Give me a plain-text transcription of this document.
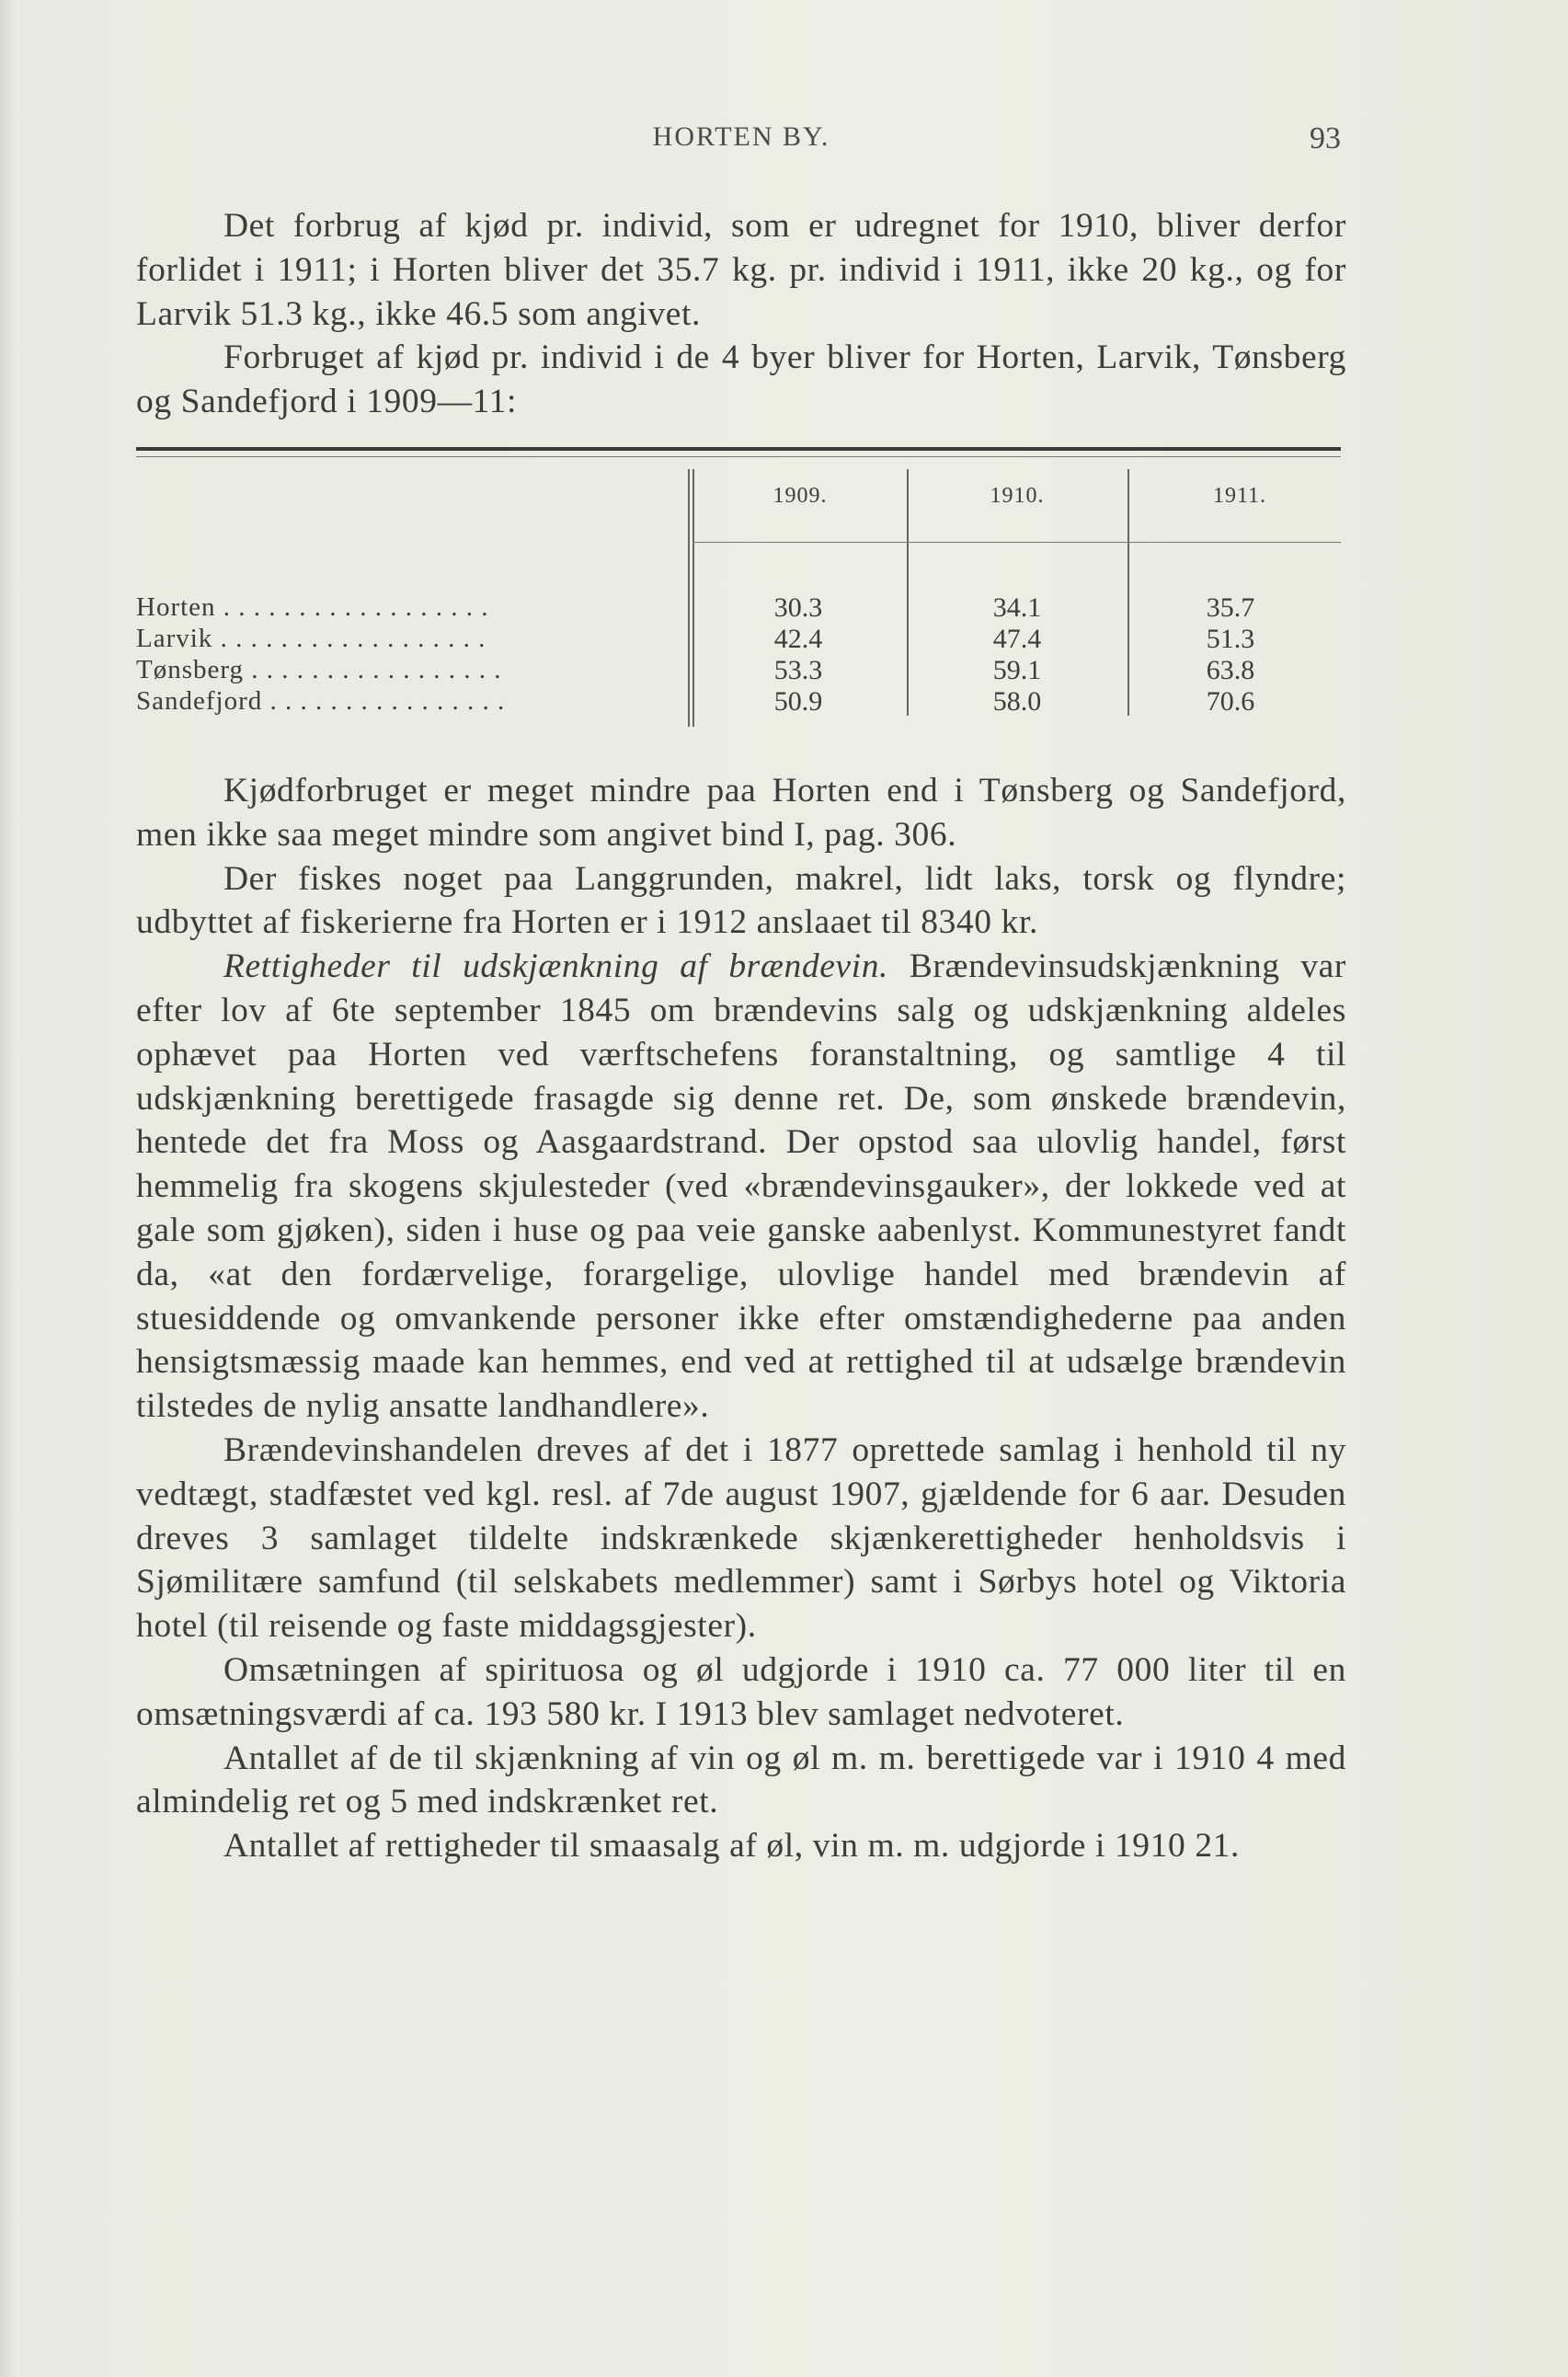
HORTEN BY.	93

Det forbrug af kjød pr. individ, som er udregnet for 1910, bliver derfor forlidet i 1911; i Horten bliver det 35.7 kg. pr. individ i 1911, ikke 20 kg., og for Larvik 51.3 kg., ikke 46.5 som angivet.

Forbruget af kjød pr. individ i de 4 byer bliver for Horten, Larvik, Tønsberg og Sandefjord i 1909—11:

1909.	1910.	1911.
Horten . . . . . . . . . . . . . . . . . .	30.3	34.1	35.7
Larvik . . . . . . . . . . . . . . . . . .	42.4	47.4	51.3
Tønsberg . . . . . . . . . . . . . . . . .	53.3	59.1	63.8
Sandefjord . . . . . . . . . . . . . . . .	50.9	58.0	70.6

Kjødforbruget er meget mindre paa Horten end i Tønsberg og Sandefjord, men ikke saa meget mindre som angivet bind I, pag. 306.

Der fiskes noget paa Langgrunden, makrel, lidt laks, torsk og flyndre; udbyttet af fiskerierne fra Horten er i 1912 anslaaet til 8340 kr.

Rettigheder til udskjænkning af brændevin. Brændevinsudskjænkning var efter lov af 6te september 1845 om brændevins salg og udskjænkning aldeles ophævet paa Horten ved værftschefens foranstaltning, og samtlige 4 til udskjænkning berettigede frasagde sig denne ret. De, som ønskede brændevin, hentede det fra Moss og Aasgaardstrand. Der opstod saa ulovlig handel, først hemmelig fra skogens skjulesteder (ved «brændevinsgauker», der lokkede ved at gale som gjøken), siden i huse og paa veie ganske aabenlyst. Kommunestyret fandt da, «at den fordærvelige, forargelige, ulovlige handel med brændevin af stuesiddende og omvankende personer ikke efter omstændighederne paa anden hensigtsmæssig maade kan hemmes, end ved at rettighed til at udsælge brændevin tilstedes de nylig ansatte landhandlere».

Brændevinshandelen dreves af det i 1877 oprettede samlag i henhold til ny vedtægt, stadfæstet ved kgl. resl. af 7de august 1907, gjældende for 6 aar. Desuden dreves 3 samlaget tildelte indskrænkede skjænkerettigheder henholdsvis i Sjømilitære samfund (til selskabets medlemmer) samt i Sørbys hotel og Viktoria hotel (til reisende og faste middagsgjester).

Omsætningen af spirituosa og øl udgjorde i 1910 ca. 77 000 liter til en omsætningsværdi af ca. 193 580 kr. I 1913 blev samlaget nedvoteret.

Antallet af de til skjænkning af vin og øl m. m. berettigede var i 1910 4 med almindelig ret og 5 med indskrænket ret.

Antallet af rettigheder til smaasalg af øl, vin m. m. udgjorde i 1910 21.
